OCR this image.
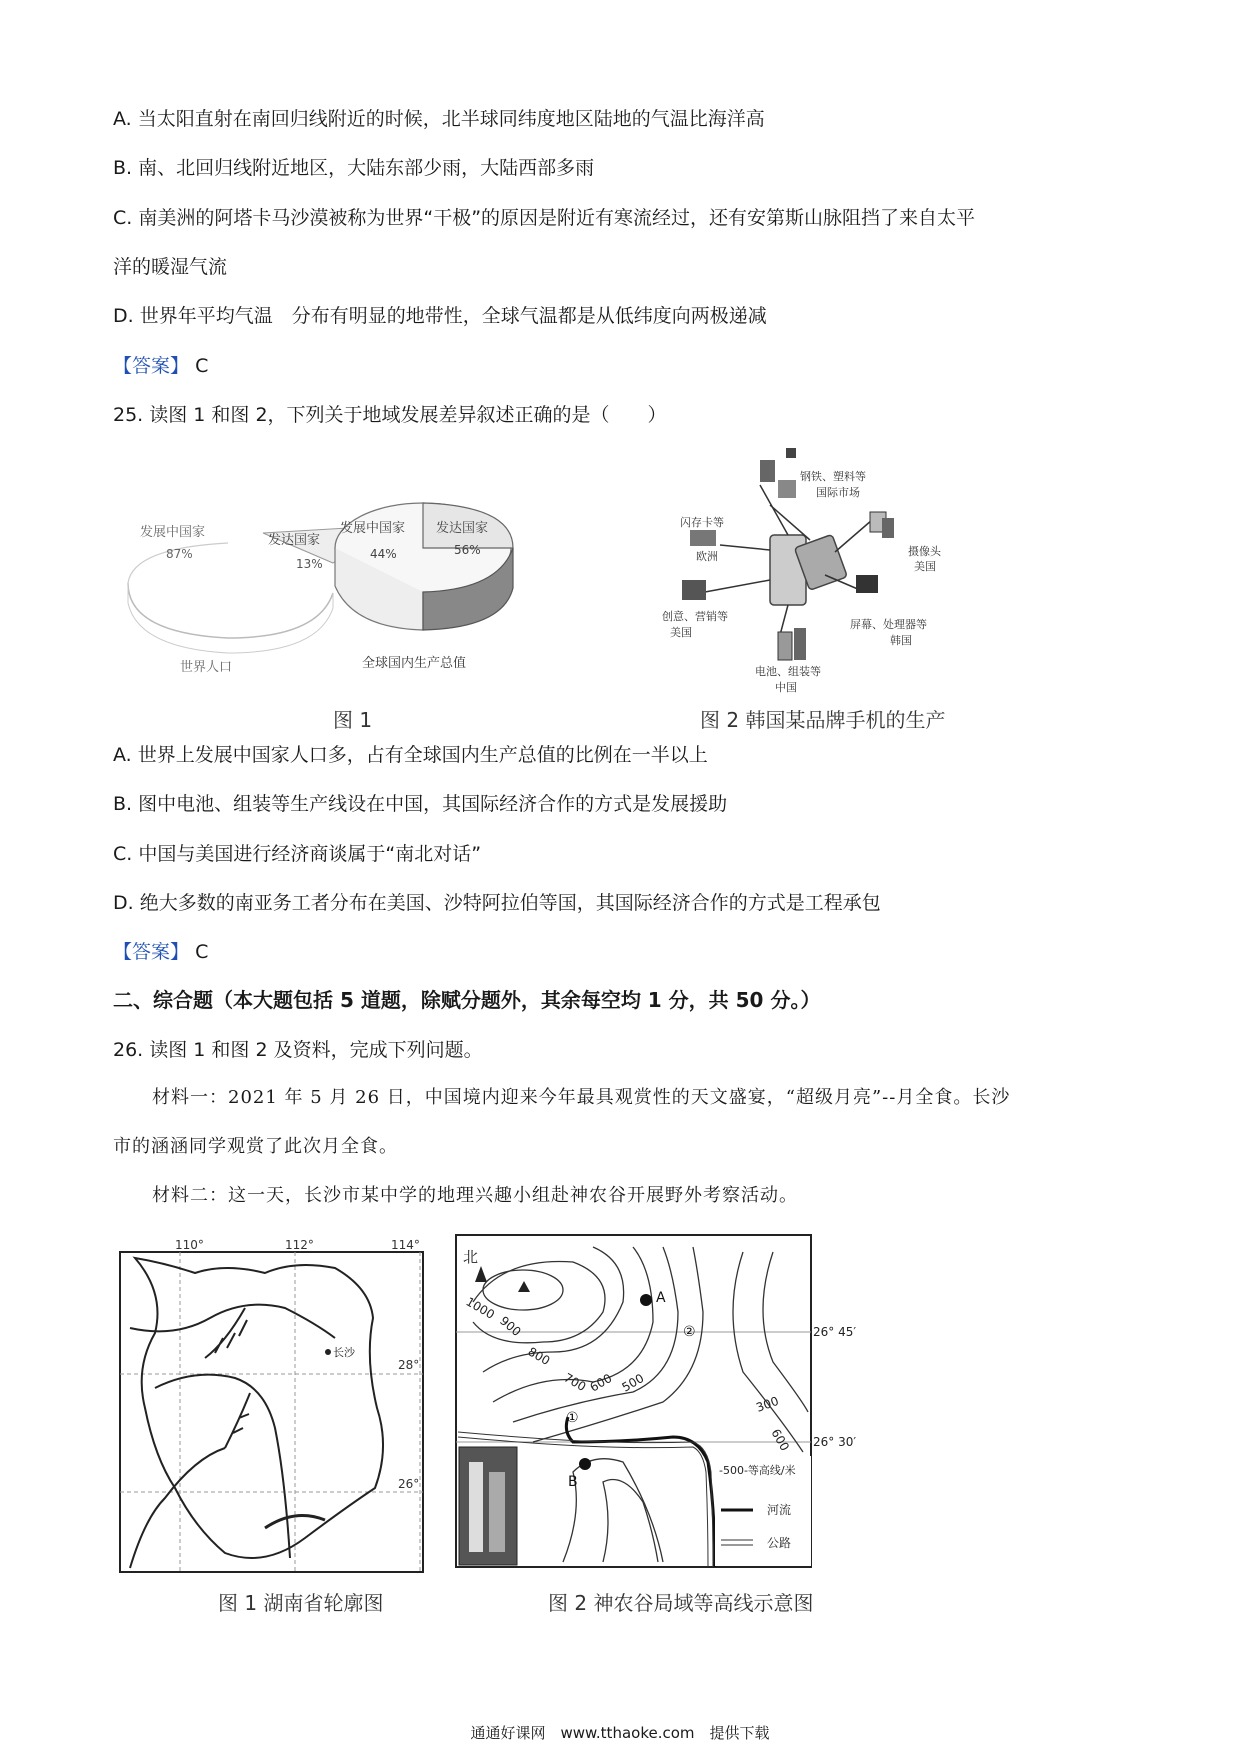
A. 当太阳直射在南回归线附近的时候，北半球同纬度地区陆地的气温比海洋高
B. 南、北回归线附近地区，大陆东部少雨，大陆西部多雨
C. 南美洲的阿塔卡马沙漠被称为世界“干极”的原因是附近有寒流经过，还有安第斯山脉阻挡了来自太平
洋的暖湿气流
D. 世界年平均气温　分布有明显的地带性，全球气温都是从低纬度向两极递减
【答案】 C
25. 读图 1 和图 2，下列关于地域发展差异叙述正确的是（　　）
发展中国家
87%
发达国家
13%
世界人口
发展中国家
44%
发达国家
56%
全球国内生产总值
图 1
钢铁、塑料等
国际市场
闪存卡等
欧洲	摄像头
美国
创意、营销等
美国
屏幕、处理器等
韩国
电池、组装等
中国
图 2 韩国某品牌手机的生产
A. 世界上发展中国家人口多，占有全球国内生产总值的比例在一半以上
B. 图中电池、组装等生产线设在中国，其国际经济合作的方式是发展援助
C. 中国与美国进行经济商谈属于“南北对话”
D. 绝大多数的南亚务工者分布在美国、沙特阿拉伯等国，其国际经济合作的方式是工程承包
【答案】 C
二、综合题（本大题包括 5 道题，除赋分题外，其余每空均 1 分，共 50 分。）
26. 读图 1 和图 2 及资料，完成下列问题。
材料一：2021 年 5 月 26 日，中国境内迎来今年最具观赏性的天文盛宴，“超级月亮”--月全食。长沙
市的涵涵同学观赏了此次月全食。
材料二：这一天，长沙市某中学的地理兴趣小组赴神农谷开展野外考察活动。
110°	112°	114°
28°
26°
长沙
图 1 湖南省轮廓图
北
A
B
①
②
1000
900
800
700 600 500
300
600
26° 45′
26° 30′
-500-等高线/米
河流
公路
图 2 神农谷局域等高线示意图
通通好课网　www.tthaoke.com　提供下载
